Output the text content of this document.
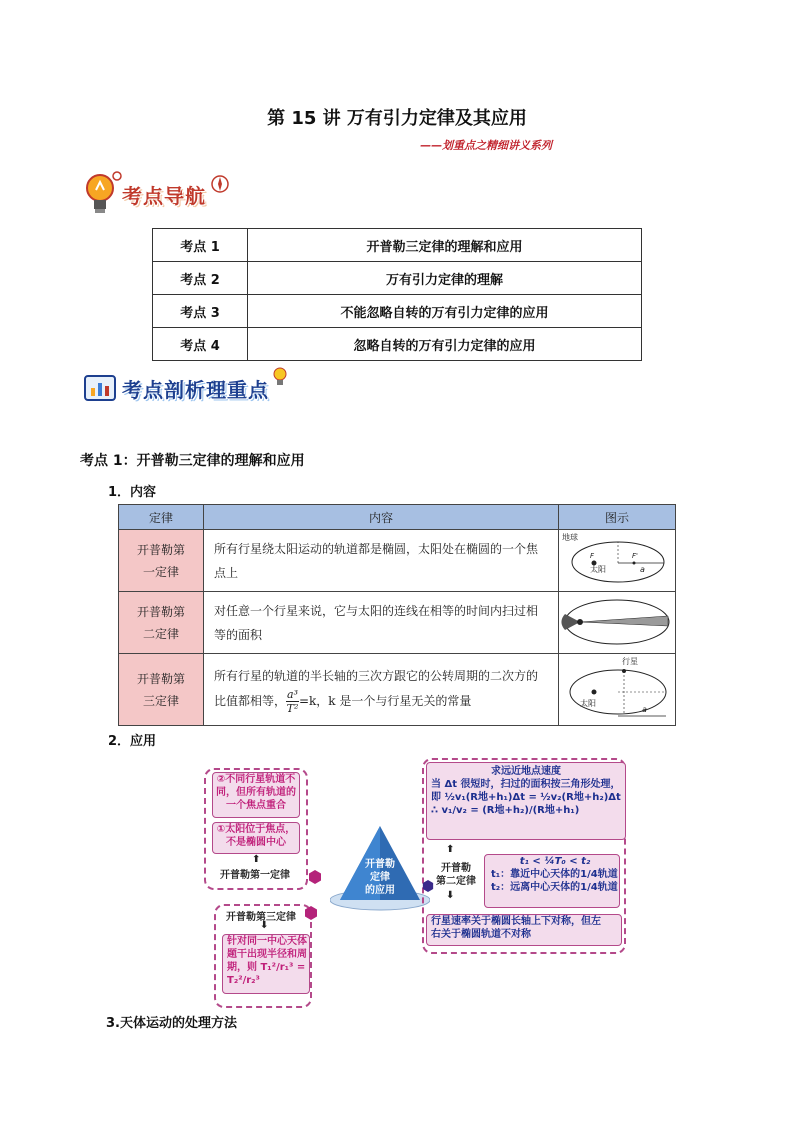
第 15 讲 万有引力定律及其应用
——划重点之精细讲义系列
考点导航
考点 1	开普勒三定律的理解和应用
考点 2	万有引力定律的理解
考点 3	不能忽略自转的万有引力定律的应用
考点 4	忽略自转的万有引力定律的应用
考点剖析理重点
考点 1：开普勒三定律的理解和应用
1．内容
定律	内容	图示
开普勒第
一定律	所有行星绕太阳运动的轨道都是椭圆，太阳处在椭圆的一个焦点上	地球
F F'
太阳 a

开普勒第
二定律	对任意一个行星来说，它与太阳的连线在相等的时间内扫过相等的面积	
开普勒第
三定律	所有行星的轨道的半长轴的三次方跟它的公转周期的二次方的比值都相等， $\frac{\text{a³}}{\text{T²}} =k$，k 是一个与行星无关的常量	行星
太阳
a
2．应用
开普勒
定律
的应用
②不同行星轨道不
同，但所有轨道的
一个焦点重合
①太阳位于焦点，
不是椭圆中心
⬆
开普勒第一定律
开普勒第三定律
⬇
针对同一中心天体
题干出现半径和周
期，则 T₁²/r₁³ = T₂²/r₂³
求远近地点速度
当 Δt 很短时，扫过的面积按三角形处理，
即 ½v₁(R地+h₁)Δt = ½v₂(R地+h₂)Δt
∴ v₁/v₂ = (R地+h₂)/(R地+h₁)
⬆
开普勒
第二定律
⬇
t₁ < ¼T₀ < t₂
t₁：靠近中心天体的1/4轨道
t₂：远离中心天体的1/4轨道
行星速率关于椭圆长轴上下对称，但左
右关于椭圆轨道不对称
3.天体运动的处理方法
